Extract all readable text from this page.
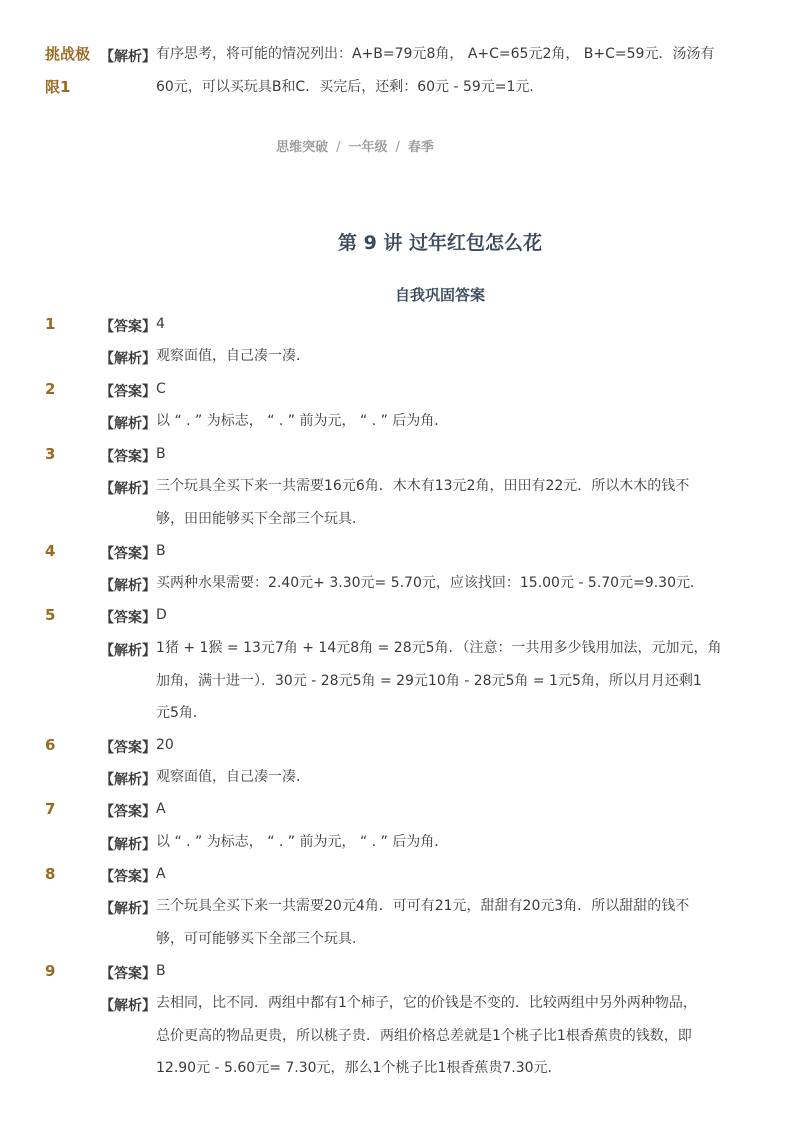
挑战极
限1
【解析】 有序思考，将可能的情况列出：A+B=79元8角， A+C=65元2角， B+C=59元．汤汤有
60元，可以买玩具B和C．买完后，还剩：60元 - 59元=1元．
思维突破 / 一年级 / 春季
第 9 讲 过年红包怎么花
自我巩固答案
1	【答案】 4
【解析】 观察面值，自己凑一凑．
2	【答案】 C
【解析】 以 “ . ” 为标志， “ . ” 前为元， “ . ” 后为角．
3	【答案】 B
【解析】 三个玩具全买下来一共需要16元6角．木木有13元2角，田田有22元．所以木木的钱不
够，田田能够买下全部三个玩具．
4	【答案】 B
【解析】 买两种水果需要：2.40元+ 3.30元= 5.70元，应该找回：15.00元 - 5.70元=9.30元．
5	【答案】 D
【解析】 1猪 + 1猴 = 13元7角 + 14元8角 = 28元5角．（注意：一共用多少钱用加法，元加元，角
加角，满十进一）．30元 - 28元5角 = 29元10角 - 28元5角 = 1元5角，所以月月还剩1
元5角．
6	【答案】 20
【解析】 观察面值，自己凑一凑．
7	【答案】 A
【解析】 以 “ . ” 为标志， “ . ” 前为元， “ . ” 后为角．
8	【答案】 A
【解析】 三个玩具全买下来一共需要20元4角．可可有21元，甜甜有20元3角．所以甜甜的钱不
够，可可能够买下全部三个玩具．
9	【答案】 B
【解析】 去相同，比不同．两组中都有1个柿子，它的价钱是不变的．比较两组中另外两种物品，
总价更高的物品更贵，所以桃子贵．两组价格总差就是1个桃子比1根香蕉贵的钱数，即
12.90元 - 5.60元= 7.30元，那么1个桃子比1根香蕉贵7.30元．
